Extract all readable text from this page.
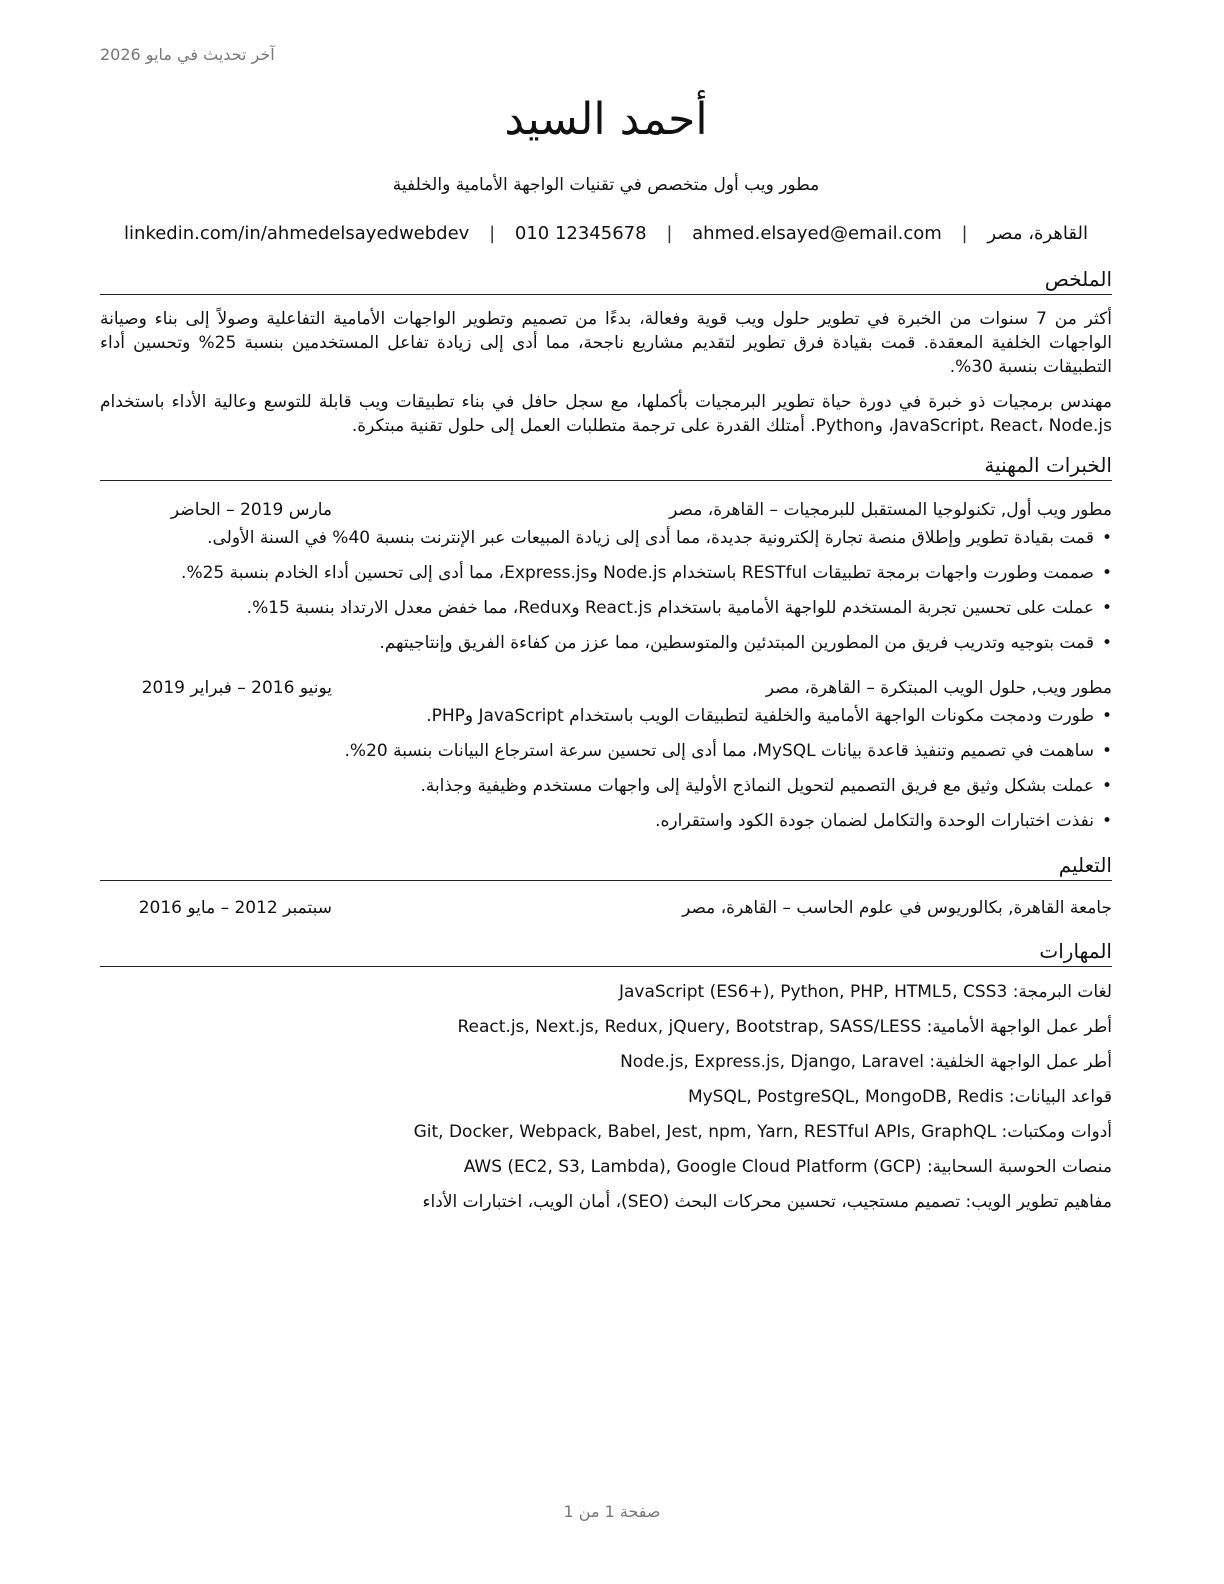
آخر تحديث في مايو 2026
أحمد السيد
مطور ويب أول متخصص في تقنيات الواجهة الأمامية والخلفية
القاهرة، مصر | ahmed.elsayed@email.com | 010 12345678 | linkedin.com/in/ahmedelsayedwebdev
الملخص

أكثر من 7 سنوات من الخبرة في تطوير حلول ويب قوية وفعالة، بدءًا من تصميم وتطوير الواجهات الأمامية التفاعلية وصولاً إلى بناء وصيانة الواجهات الخلفية المعقدة. قمت بقيادة فرق تطوير لتقديم مشاريع ناجحة، مما أدى إلى زيادة تفاعل المستخدمين بنسبة 25% وتحسين أداء التطبيقات بنسبة 30%.

مهندس برمجيات ذو خبرة في دورة حياة تطوير البرمجيات بأكملها، مع سجل حافل في بناء تطبيقات ويب قابلة للتوسع وعالية الأداء باستخدام JavaScript، React، Node.js، وPython. أمتلك القدرة على ترجمة متطلبات العمل إلى حلول تقنية مبتكرة.

الخبرات المهنية
مطور ويب أول, تكنولوجيا المستقبل للبرمجيات – القاهرة، مصر
مارس 2019 – الحاضر
• قمت بقيادة تطوير وإطلاق منصة تجارة إلكترونية جديدة، مما أدى إلى زيادة المبيعات عبر الإنترنت بنسبة 40% في السنة الأولى.
• صممت وطورت واجهات برمجة تطبيقات RESTful باستخدام Node.js وExpress.js، مما أدى إلى تحسين أداء الخادم بنسبة 25%.
• عملت على تحسين تجربة المستخدم للواجهة الأمامية باستخدام React.js وRedux، مما خفض معدل الارتداد بنسبة 15%.
• قمت بتوجيه وتدريب فريق من المطورين المبتدئين والمتوسطين، مما عزز من كفاءة الفريق وإنتاجيتهم.
مطور ويب, حلول الويب المبتكرة – القاهرة، مصر
يونيو 2016 – فبراير 2019
• طورت ودمجت مكونات الواجهة الأمامية والخلفية لتطبيقات الويب باستخدام JavaScript وPHP.
• ساهمت في تصميم وتنفيذ قاعدة بيانات MySQL، مما أدى إلى تحسين سرعة استرجاع البيانات بنسبة 20%.
• عملت بشكل وثيق مع فريق التصميم لتحويل النماذج الأولية إلى واجهات مستخدم وظيفية وجذابة.
• نفذت اختبارات الوحدة والتكامل لضمان جودة الكود واستقراره.
التعليم
جامعة القاهرة, بكالوريوس في علوم الحاسب – القاهرة، مصر
سبتمبر 2012 – مايو 2016
المهارات
لغات البرمجة: JavaScript (ES6+), Python, PHP, HTML5, CSS3
أطر عمل الواجهة الأمامية: React.js, Next.js, Redux, jQuery, Bootstrap, SASS/LESS
أطر عمل الواجهة الخلفية: Node.js, Express.js, Django, Laravel
قواعد البيانات: MySQL, PostgreSQL, MongoDB, Redis
أدوات ومكتبات: Git, Docker, Webpack, Babel, Jest, npm, Yarn, RESTful APIs, GraphQL
منصات الحوسبة السحابية: AWS (EC2, S3, Lambda), Google Cloud Platform (GCP)
مفاهيم تطوير الويب: تصميم مستجيب، تحسين محركات البحث (SEO)، أمان الويب، اختبارات الأداء
صفحة 1 من 1
